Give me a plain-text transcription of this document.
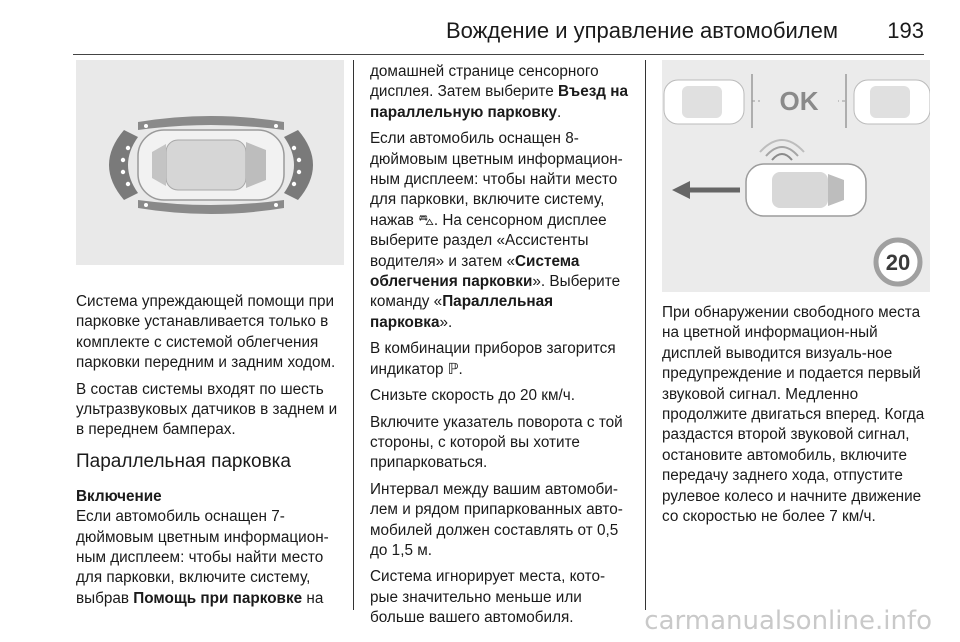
Вождение и управление автомобилем 193

Система упреждающей помощи при парковке устанавливается только в комплекте с системой облегчения парковки передним и задним ходом.

В состав системы входят по шесть ультразвуковых датчиков в заднем и в переднем бамперах.

Параллельная парковка
Включение

Если автомобиль оснащен 7-дюймовым цветным информацион-ным дисплеем: чтобы найти место для парковки, включите систему, выбрав Помощь при парковке на

домашней странице сенсорного дисплея. Затем выберите Въезд на параллельную парковку.

Если автомобиль оснащен 8-дюймовым цветным информацион-ным дисплеем: чтобы найти место для парковки, включите систему, нажав ⛍. На сенсорном дисплее выберите раздел «Ассистенты водителя» и затем «Система облегчения парковки». Выберите команду «Параллельная парковка».

В комбинации приборов загорится индикатор ℙ.

Снизьте скорость до 20 км/ч.

Включите указатель поворота с той стороны, с которой вы хотите припарковаться.

Интервал между вашим автомоби-лем и рядом припаркованных авто-мобилей должен составлять от 0,5 до 1,5 м.

Система игнорирует места, кото-рые значительно меньше или больше вашего автомобиля.

OK
20

При обнаружении свободного места на цветной информацион-ный дисплей выводится визуаль-ное предупреждение и подается первый звуковой сигнал. Медленно продолжите двигаться вперед. Когда раздастся второй звуковой сигнал, остановите автомобиль, включите передачу заднего хода, отпустите рулевое колесо и начните движение со скоростью не более 7 км/ч.

carmanualsonline.info
